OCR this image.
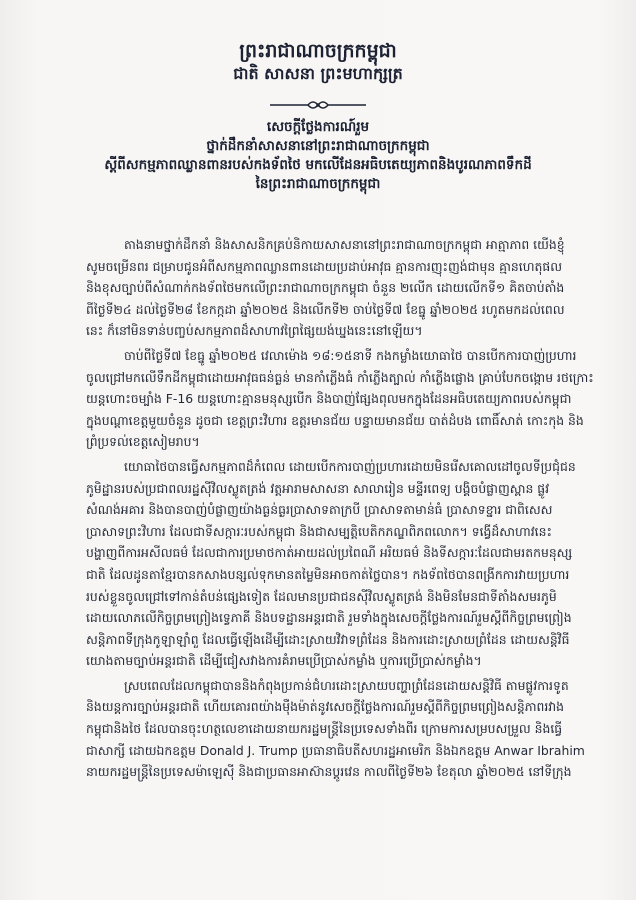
ព្រះរាជាណាចក្រកម្ពុជា
ជាតិ សាសនា ព្រះមហាក្សត្រ
សេចក្តីថ្លែងការណ៍រួម
ថ្នាក់ដឹកនាំសាសនានៅព្រះរាជាណាចក្រកម្ពុជា
ស្តីពីសកម្មភាពឈ្លានពានរបស់កងទ័ពថៃ មកលើដែនអធិបតេយ្យភាពនិងបូរណភាពទឹកដី
នៃព្រះរាជាណាចក្រកម្ពុជា
តាងនាមថ្នាក់ដឹកនាំ និងសាសនិកគ្រប់និកាយសាសនានៅព្រះរាជាណាចក្រកម្ពុជា អាត្មាភាព យើងខ្ញុំ
សូមចម្រើនពរ ជម្រាបជូនអំពីសកម្មភាពឈ្លានពានដោយប្រដាប់អាវុធ គ្មានការញុះញង់ជាមុន គ្មានហេតុផល
និងខុសច្បាប់ពីសំណាក់កងទ័ពថៃមកលើព្រះរាជាណាចក្រកម្ពុជា ចំនួន ២លើក ដោយលើកទី១ គិតចាប់តាំង
ពីថ្ងៃទី២៤ ដល់ថ្ងៃទី២៨ ខែកក្កដា ឆ្នាំ២០២៥ និងលើកទី២ ចាប់ថ្ងៃទី៧ ខែធ្នូ ឆ្នាំ២០២៥ រហូតមកដល់ពេល
នេះ ក៏នៅមិនទាន់បញ្ចប់សកម្មភាពដ៏សាហាវព្រៃផ្សៃយង់ឃ្នងនេះនៅឡើយ។
ចាប់ពីថ្ងៃទី៧ ខែធ្នូ ឆ្នាំ២០២៥ វេលាម៉ោង ១៨:១៥នាទី កងកម្លាំងយោធាថៃ បានបើកការបាញ់ប្រហារ
ចូលជ្រៅមកលើទឹកដីកម្ពុជាដោយអាវុធធន់ធ្ងន់ មានកាំភ្លើងធំ កាំភ្លើងត្បាល់ កាំភ្លើងផ្លោង គ្រាប់បែកចង្កោម រថក្រោះ
យន្តហោះចម្បាំង F-16 យន្តហោះគ្មានមនុស្សបើក និងបាញ់ផ្សែងពុលមកក្នុងដែនអធិបតេយ្យភាពរបស់កម្ពុជា
ក្នុងបណ្តាខេត្តមួយចំនួន ដូចជា ខេត្តព្រះវិហារ ឧត្តរមានជ័យ បន្ទាយមានជ័យ បាត់ដំបង ពោធិ៍សាត់ កោះកុង និង
ព្រំប្រទល់ខេត្តសៀមរាប។
យោធាថៃបានធ្វើសកម្មភាពដ៏កំពេល ដោយបើកការបាញ់ប្រហារដោយមិនរើសគោលដៅចូលទីប្រជុំជន
ភូមិដ្ឋានរបស់ប្រជាពលរដ្ឋស៊ីវិលស្លូតត្រង់ វត្តអារាមសាសនា សាលារៀន មន្ទីរពេទ្យ បង្គិចបំផ្លាញស្ពាន ផ្លូវ
សំណង់អគារ និងបានបាញ់បំផ្លាញយ៉ាងធ្ងន់ធ្ងរប្រាសាទតាក្របី ប្រាសាទតាមាន់ធំ ប្រាសាទខ្នារ ជាពិសេស
ប្រាសាទព្រះវិហារ ដែលជាទីសក្ការៈរបស់កម្ពុជា និងជាសម្បត្តិបេតិកភណ្ឌពិភពលោក។ ទង្វើដ៏សាហាវនេះ
បង្ហាញពីការអសីលធម៌ ដែលជាការប្រមាថកាត់អាយដល់ប្រពៃណី អរិយធម៌ និងទីសក្ការៈដែលជាមរតកមនុស្ស
ជាតិ ដែលដូនតាខ្មែរបានកសាងបន្សល់ទុកមានតម្លៃមិនអាចកាត់ថ្លៃបាន។ កងទ័ពថៃបានពង្រីកការវាយប្រហារ
របស់ខ្លួនចូលជ្រៅទៅកាន់តំបន់ផ្សេងទៀត ដែលមានប្រជាជនស៊ីវិលស្លូតត្រង់ និងមិនមែនជាទីតាំងសមរភូមិ
ដោយលោភលើកិច្ចព្រមព្រៀងទ្វេភាគី និងបទដ្ឋានអន្តរជាតិ រួមទាំងក្នុងសេចក្តីថ្លែងការណ៍រួមស្តីពីកិច្ចព្រមព្រៀង
សន្តិភាពទីក្រុងកូឡាឡាំពួ ដែលធ្វើឡើងដើម្បីដោះស្រាយវិវាទព្រំដែន និងការដោះស្រាយព្រំដែន ដោយសន្តិវិធី
យោងតាមច្បាប់អន្តរជាតិ ដើម្បីជៀសវាងការគំរាមប្រើប្រាស់កម្លាំង ឬការប្រើប្រាស់កម្លាំង។
ស្របពេលដែលកម្ពុជាបាននិងកំពុងប្រកាន់ជំហរដោះស្រាយបញ្ហាព្រំដែនដោយសន្តិវិធី តាមផ្លូវការទូត
និងយន្តការច្បាប់អន្តរជាតិ ហើយគោរពយ៉ាងម៉ឺងម៉ាត់នូវសេចក្តីថ្លែងការណ៍រួមស្តីពីកិច្ចព្រមព្រៀងសន្តិភាពរវាង
កម្ពុជានិងថៃ ដែលបានចុះហត្ថលេខាដោយនាយករដ្ឋមន្ត្រីនៃប្រទេសទាំងពីរ ក្រោមការសម្របសម្រួល និងធ្វើ
ជាសាក្សី ដោយឯកឧត្តម Donald J. Trump ប្រធានាធិបតីសហរដ្ឋអាមេរិក និងឯកឧត្តម Anwar Ibrahim
នាយករដ្ឋមន្ត្រីនៃប្រទេសម៉ាឡេស៊ី និងជាប្រធានអាស៊ានប្តូរវេន កាលពីថ្ងៃទី២៦ ខែតុលា ឆ្នាំ២០២៥ នៅទីក្រុង
